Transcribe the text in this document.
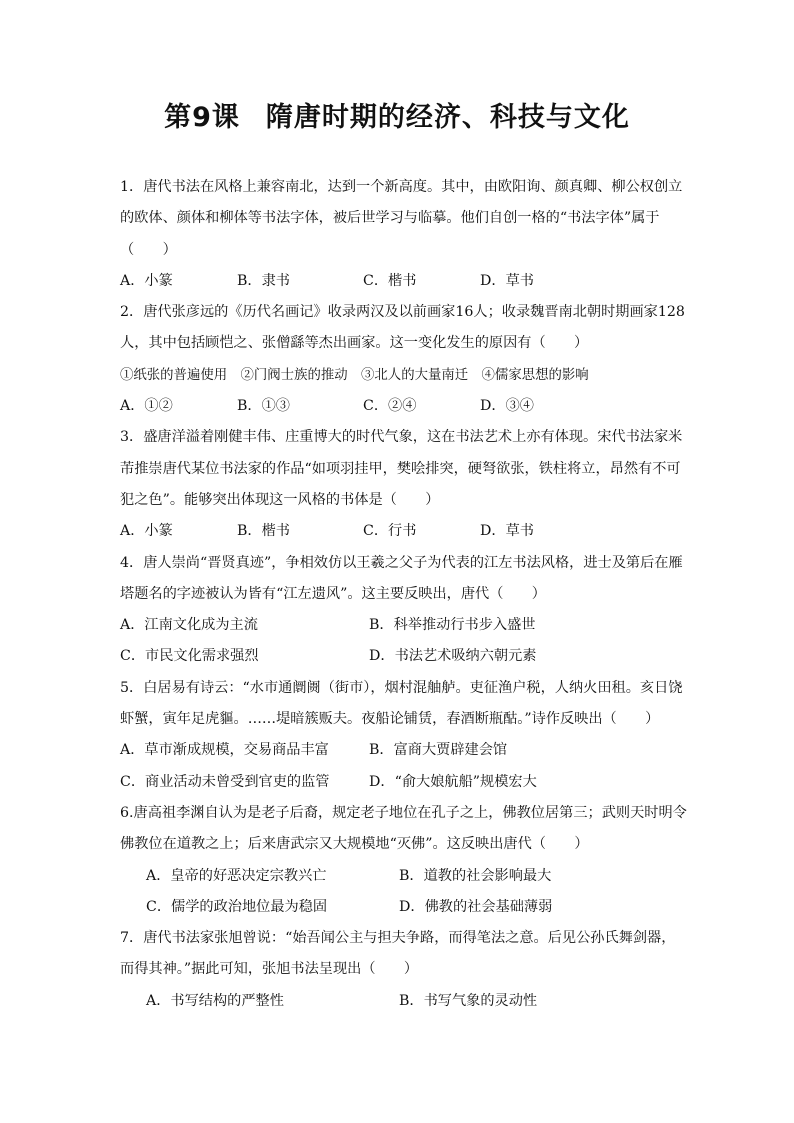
第9课 隋唐时期的经济、科技与文化
1．唐代书法在风格上兼容南北，达到一个新高度。其中，由欧阳询、颜真卿、柳公权创立
的欧体、颜体和柳体等书法字体，被后世学习与临摹。他们自创一格的“书法字体”属于
（　　）
A．小篆	B．隶书	C．楷书	D．草书
2．唐代张彦远的《历代名画记》收录两汉及以前画家16人；收录魏晋南北朝时期画家128
人，其中包括顾恺之、张僧繇等杰出画家。这一变化发生的原因有（　　）
①纸张的普遍使用　②门阀士族的推动　③北人的大量南迁　④儒家思想的影响
A．①②	B．①③	C．②④	D．③④
3．盛唐洋溢着刚健丰伟、庄重博大的时代气象，这在书法艺术上亦有体现。宋代书法家米
芾推崇唐代某位书法家的作品“如项羽挂甲，樊哙排突，硬弩欲张，铁柱将立，昂然有不可
犯之色”。能够突出体现这一风格的书体是（　　）
A．小篆	B．楷书	C．行书	D．草书
4．唐人崇尚“晋贤真迹”，争相效仿以王羲之父子为代表的江左书法风格，进士及第后在雁
塔题名的字迹被认为皆有“江左遗风”。这主要反映出，唐代（　　）
A．江南文化成为主流	B．科举推动行书步入盛世
C．市民文化需求强烈	D．书法艺术吸纳六朝元素
5．白居易有诗云：“水市通阛阓（街市），烟村混舳舻。吏征渔户税，人纳火田租。亥日饶
虾蟹，寅年足虎貙。……堤暗簇贩夫。夜船论铺赁，春酒断瓶酤。”诗作反映出（　　）
A．草市渐成规模，交易商品丰富	B．富商大贾辟建会馆
C．商业活动未曾受到官吏的监管	D．“俞大娘航船”规模宏大
6.唐高祖李渊自认为是老子后裔，规定老子地位在孔子之上，佛教位居第三；武则天时明令
佛教位在道教之上；后来唐武宗又大规模地“灭佛”。这反映出唐代（　　）
A．皇帝的好恶决定宗教兴亡	B．道教的社会影响最大
C．儒学的政治地位最为稳固	D．佛教的社会基础薄弱
7．唐代书法家张旭曾说：“始吾闻公主与担夫争路，而得笔法之意。后见公孙氏舞剑器，
而得其神。”据此可知，张旭书法呈现出（　　）
A．书写结构的严整性	B．书写气象的灵动性
